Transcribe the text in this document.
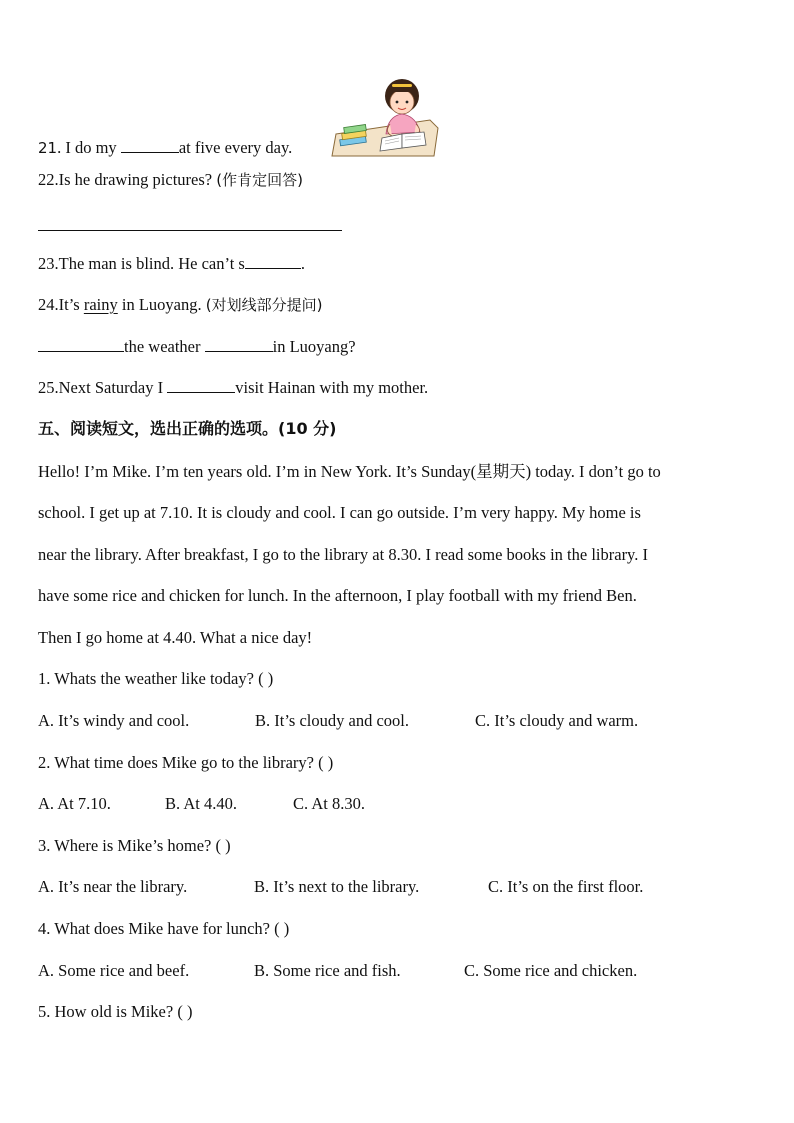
21. I do my	at five every day.
22.Is he drawing pictures? (作肯定回答)
23.The man is blind. He can’t s	.
24.It’s rainy in Luoyang. (对划线部分提问)
the weather	in Luoyang?
25.Next Saturday I	visit Hainan with my mother.
五、阅读短文，选出正确的选项。(10 分)
Hello! I’m Mike. I’m ten years old. I’m in New York. It’s Sunday(星期天) today. I don’t go to
school. I get up at 7.10. It is cloudy and cool. I can go outside. I’m very happy. My home is
near the library. After breakfast, I go to the library at 8.30. I read some books in the library. I
have some rice and chicken for lunch. In the afternoon, I play football with my friend Ben.
Then I go home at 4.40. What a nice day!
1. Whats the weather like today? ( )
A. It’s windy and cool.	B. It’s cloudy and cool.	C. It’s cloudy and warm.
2. What time does Mike go to the library? ( )
A. At 7.10.	B. At 4.40.	C. At 8.30.
3. Where is Mike’s home? ( )
A. It’s near the library.	B. It’s next to the library.	C. It’s on the first floor.
4. What does Mike have for lunch? ( )
A. Some rice and beef.	B. Some rice and fish.	C. Some rice and chicken.
5. How old is Mike? ( )
